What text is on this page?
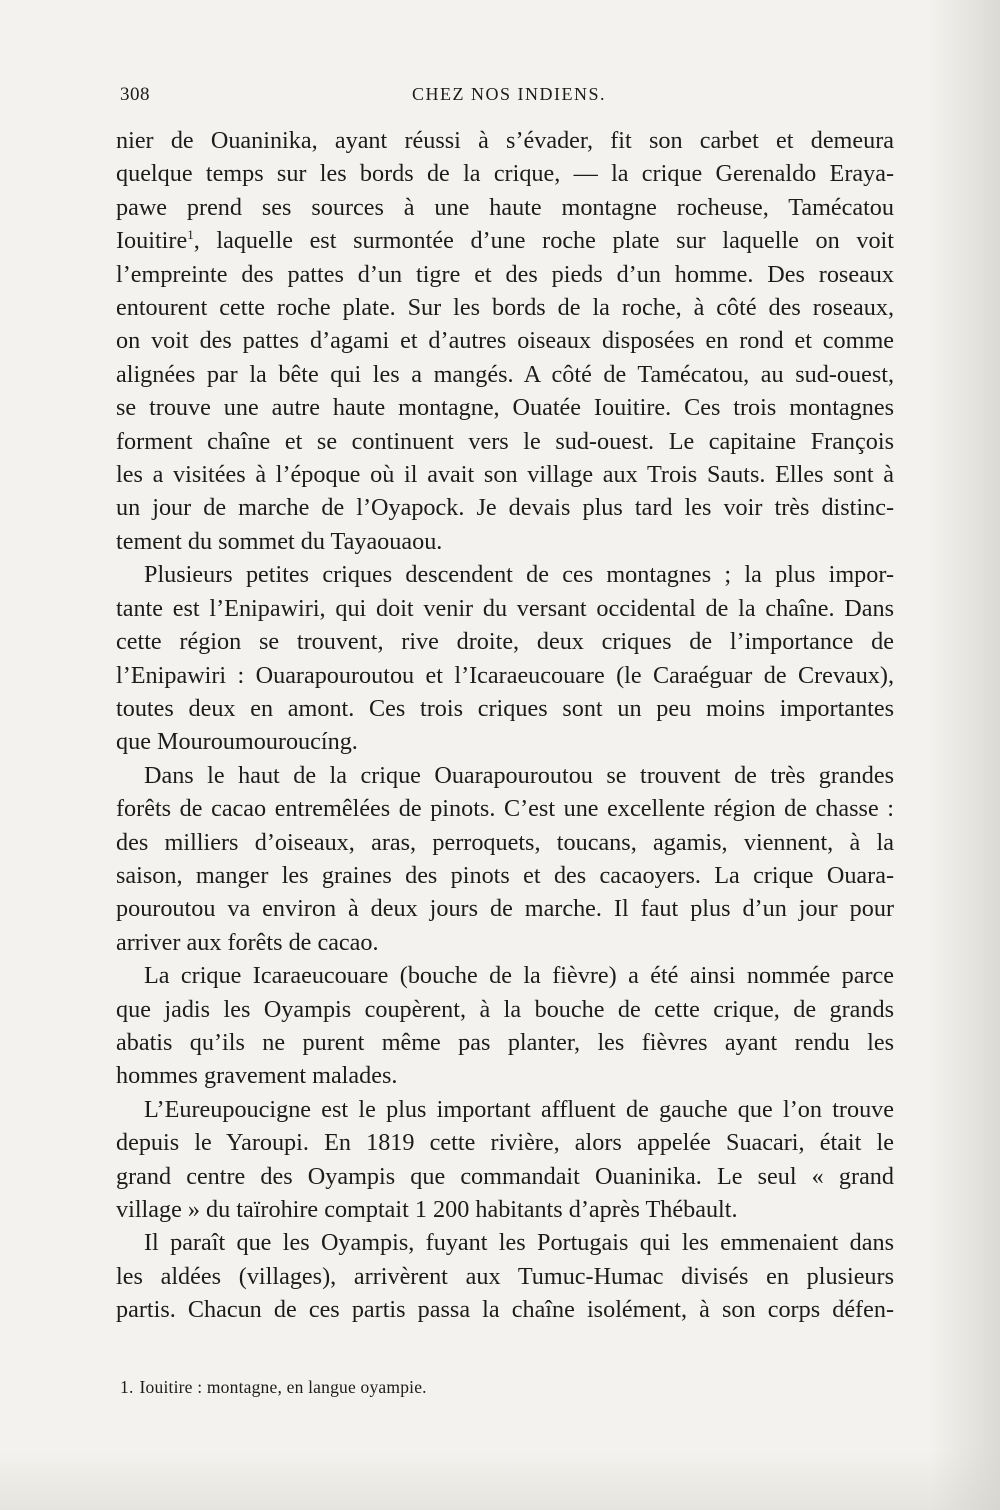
308	CHEZ NOS INDIENS.
nier de Ouaninika, ayant réussi à s’évader, fit son carbet et demeura
quelque temps sur les bords de la crique, — la crique Gerenaldo Eraya-
pawe prend ses sources à une haute montagne rocheuse, Tamécatou
Iouitire$^1$, laquelle est surmontée d’une roche plate sur laquelle on voit
l’empreinte des pattes d’un tigre et des pieds d’un homme. Des roseaux
entourent cette roche plate. Sur les bords de la roche, à côté des roseaux,
on voit des pattes d’agami et d’autres oiseaux disposées en rond et comme
alignées par la bête qui les a mangés. A côté de Tamécatou, au sud-ouest,
se trouve une autre haute montagne, Ouatée Iouitire. Ces trois montagnes
forment chaîne et se continuent vers le sud-ouest. Le capitaine François
les a visitées à l’époque où il avait son village aux Trois Sauts. Elles sont à
un jour de marche de l’Oyapock. Je devais plus tard les voir très distinc-
tement du sommet du Tayaouaou.
Plusieurs petites criques descendent de ces montagnes ; la plus impor-
tante est l’Enipawiri, qui doit venir du versant occidental de la chaîne. Dans
cette région se trouvent, rive droite, deux criques de l’importance de
l’Enipawiri : Ouarapouroutou et l’Icaraeucouare (le Caraéguar de Crevaux),
toutes deux en amont. Ces trois criques sont un peu moins importantes
que Mouroumouroucíng.
Dans le haut de la crique Ouarapouroutou se trouvent de très grandes
forêts de cacao entremêlées de pinots. C’est une excellente région de chasse :
des milliers d’oiseaux, aras, perroquets, toucans, agamis, viennent, à la
saison, manger les graines des pinots et des cacaoyers. La crique Ouara-
pouroutou va environ à deux jours de marche. Il faut plus d’un jour pour
arriver aux forêts de cacao.
La crique Icaraeucouare (bouche de la fièvre) a été ainsi nommée parce
que jadis les Oyampis coupèrent, à la bouche de cette crique, de grands
abatis qu’ils ne purent même pas planter, les fièvres ayant rendu les
hommes gravement malades.
L’Eureupoucigne est le plus important affluent de gauche que l’on trouve
depuis le Yaroupi. En 1819 cette rivière, alors appelée Suacari, était le
grand centre des Oyampis que commandait Ouaninika. Le seul « grand
village » du taïrohire comptait 1 200 habitants d’après Thébault.
Il paraît que les Oyampis, fuyant les Portugais qui les emmenaient dans
les aldées (villages), arrivèrent aux Tumuc-Humac divisés en plusieurs
partis. Chacun de ces partis passa la chaîne isolément, à son corps défen-
1. Iouitire : montagne, en langue oyampie.
